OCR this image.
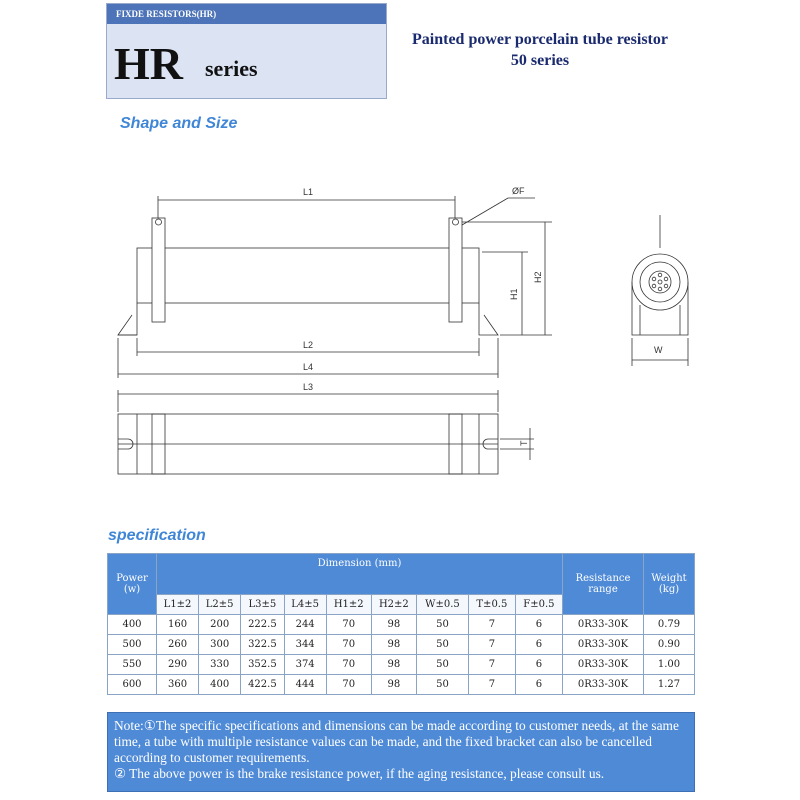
FIXDE RESISTORS(HR)
HR series
Painted power porcelain tube resistor
50 series
Shape and Size
L1
L2
L4
L3
ØF
H1
H2
W
T
specification
Power (w)	Dimension (mm)									Resistance range	Weight (kg)
	L1±2	L2±5	L3±5	L4±5	H1±2	H2±2	W±0.5	T±0.5	F±0.5		
400	160	200	222.5	244	70	98	50	7	6	0R33-30K	0.79
500	260	300	322.5	344	70	98	50	7	6	0R33-30K	0.90
550	290	330	352.5	374	70	98	50	7	6	0R33-30K	1.00
600	360	400	422.5	444	70	98	50	7	6	0R33-30K	1.27
Note:①The specific specifications and dimensions can be made according to customer needs, at the same time, a tube with multiple resistance values can be made, and the fixed bracket can also be cancelled according to customer requirements.
② The above power is the brake resistance power, if the aging resistance, please consult us.
